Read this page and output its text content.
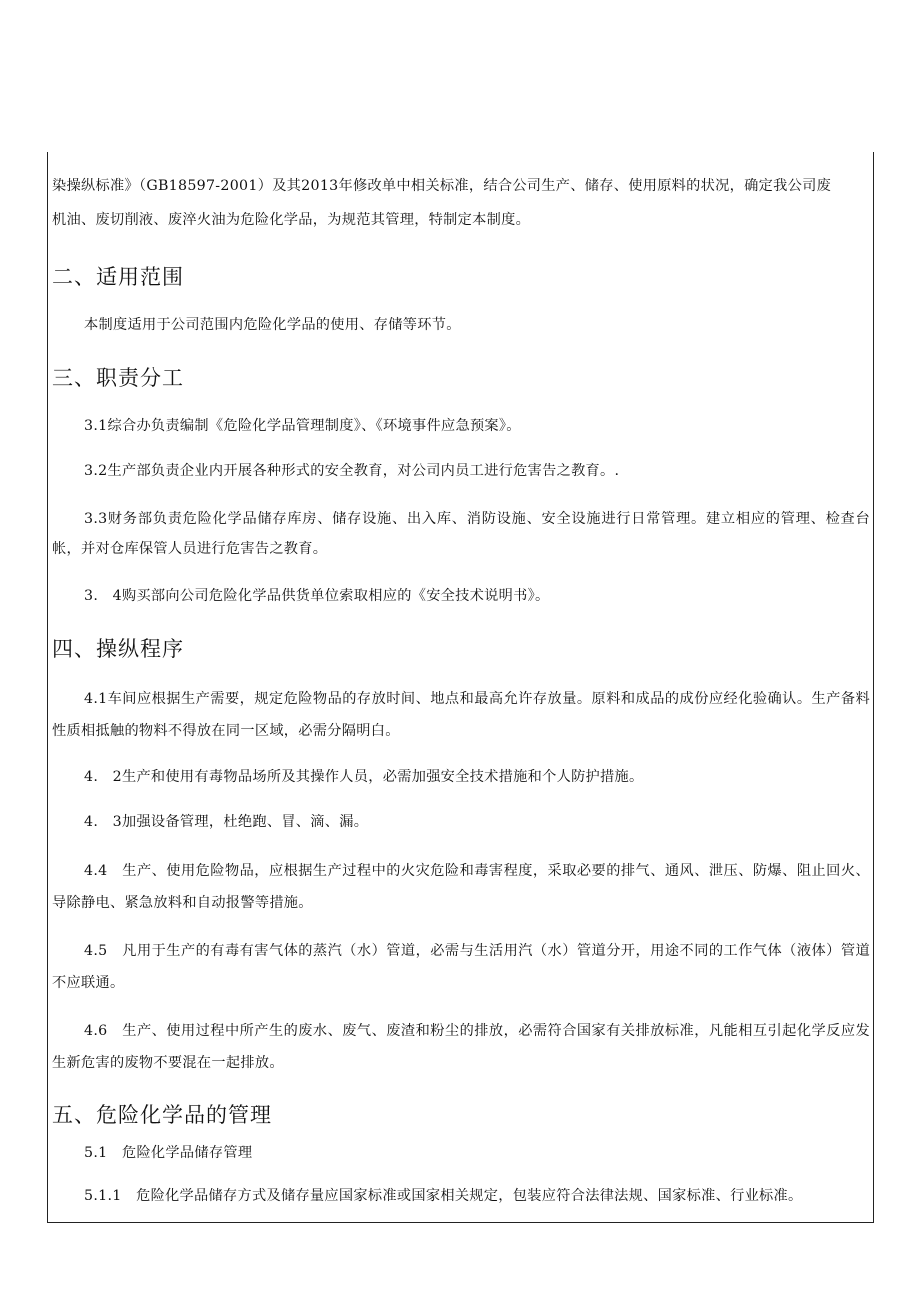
染操纵标准》（GB18597-2001）及其2013年修改单中相关标准，结合公司生产、储存、使用原料的状况，确定我公司废

机油、废切削液、废淬火油为危险化学品，为规范其管理，特制定本制度。

二、适用范围

本制度适用于公司范围内危险化学品的使用、存储等环节。

三、职责分工

3.1综合办负责编制《危险化学品管理制度》、《环境事件应急预案》。

3.2生产部负责企业内开展各种形式的安全教育，对公司内员工进行危害告之教育。.

3.3财务部负责危险化学品储存库房、储存设施、出入库、消防设施、安全设施进行日常管理。建立相应的管理、检查台帐，并对仓库保管人员进行危害告之教育。

3.　4购买部向公司危险化学品供货单位索取相应的《安全技术说明书》。

四、操纵程序

4.1车间应根据生产需要，规定危险物品的存放时间、地点和最高允许存放量。原料和成品的成份应经化验确认。生产备料性质相抵触的物料不得放在同一区域，必需分隔明白。

4.　2生产和使用有毒物品场所及其操作人员，必需加强安全技术措施和个人防护措施。

4.　3加强设备管理，杜绝跑、冒、滴、漏。

4.4　生产、使用危险物品，应根据生产过程中的火灾危险和毒害程度，采取必要的排气、通风、泄压、防爆、阻止回火、导除静电、紧急放料和自动报警等措施。

4.5　凡用于生产的有毒有害气体的蒸汽（水）管道，必需与生活用汽（水）管道分开，用途不同的工作气体（液体）管道不应联通。

4.6　生产、使用过程中所产生的废水、废气、废渣和粉尘的排放，必需符合国家有关排放标准，凡能相互引起化学反应发生新危害的废物不要混在一起排放。

五、危险化学品的管理

5.1　危险化学品储存管理

5.1.1　危险化学品储存方式及储存量应国家标准或国家相关规定，包装应符合法律法规、国家标准、行业标准。
